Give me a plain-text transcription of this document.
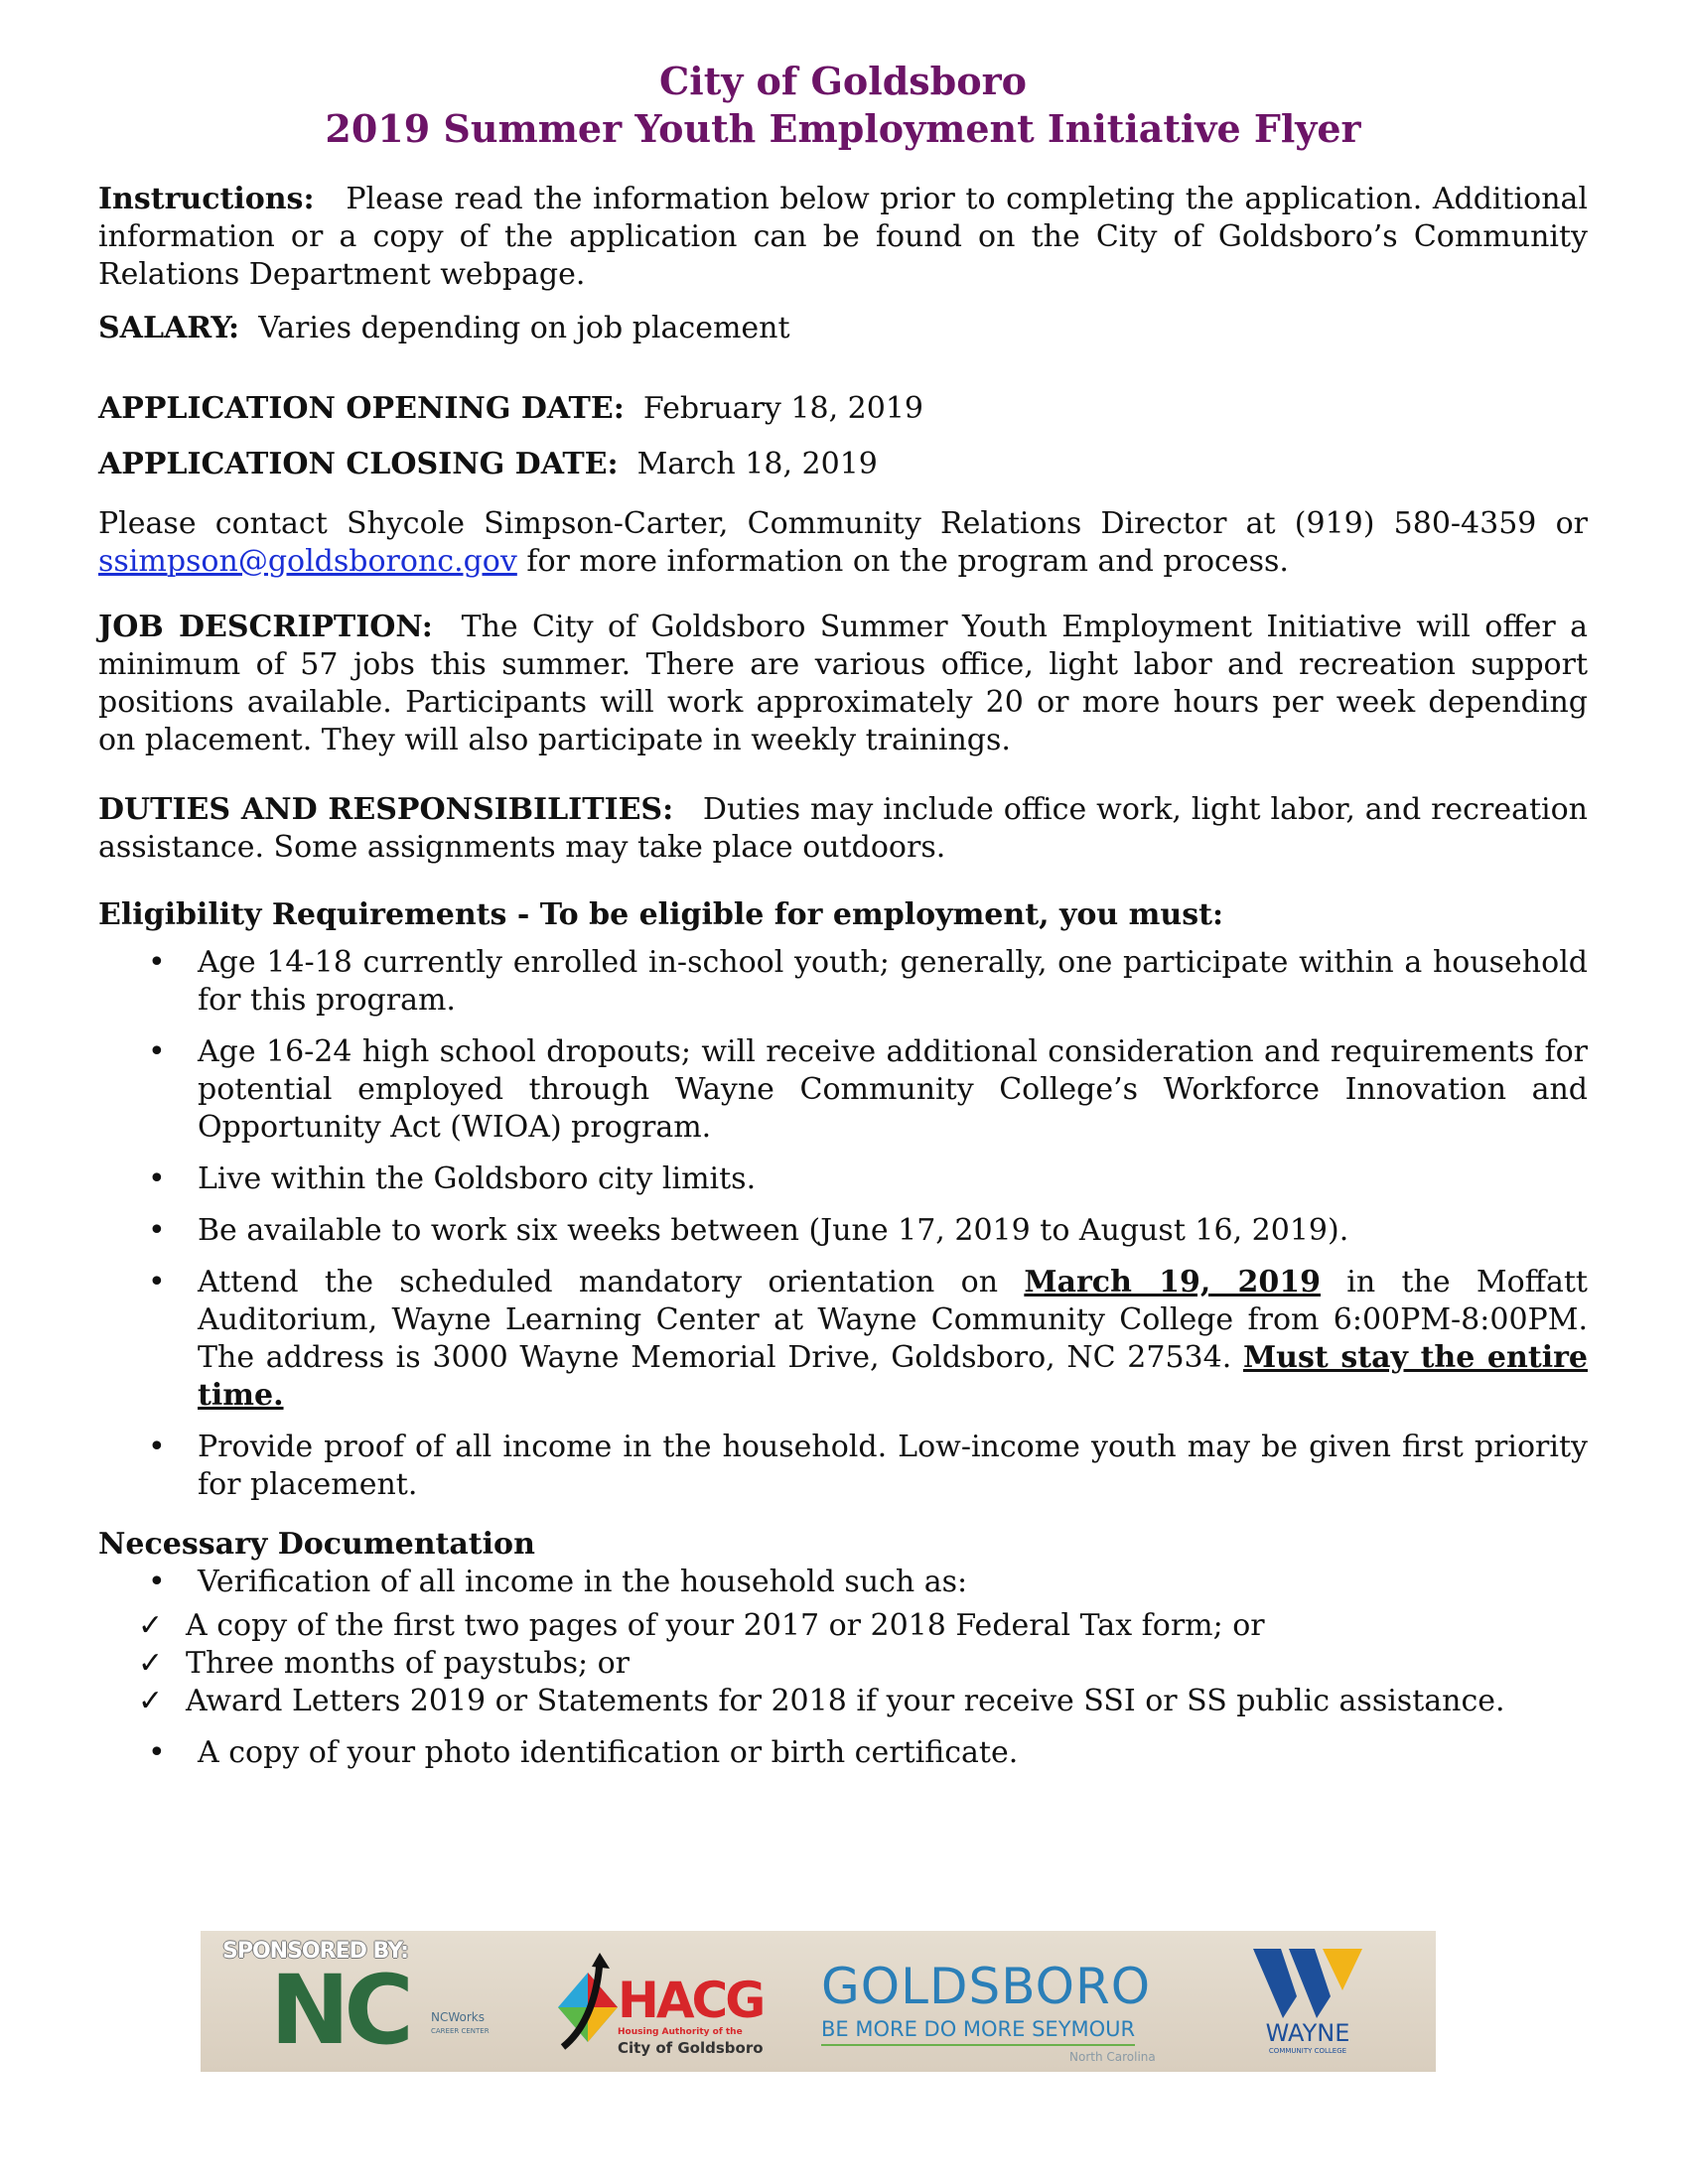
City of Goldsboro
2019 Summer Youth Employment Initiative Flyer

Instructions: Please read the information below prior to completing the application. Additional information or a copy of the application can be found on the City of Goldsboro’s Community Relations Department webpage.

SALARY: Varies depending on job placement

APPLICATION OPENING DATE: February 18, 2019

APPLICATION CLOSING DATE: March 18, 2019

Please contact Shycole Simpson-Carter, Community Relations Director at (919) 580-4359 or ssimpson@goldsboronc.gov for more information on the program and process.

JOB DESCRIPTION: The City of Goldsboro Summer Youth Employment Initiative will offer a minimum of 57 jobs this summer. There are various office, light labor and recreation support positions available. Participants will work approximately 20 or more hours per week depending on placement. They will also participate in weekly trainings.

DUTIES AND RESPONSIBILITIES: Duties may include office work, light labor, and recreation assistance. Some assignments may take place outdoors.

Eligibility Requirements - To be eligible for employment, you must:

• Age 14-18 currently enrolled in-school youth; generally, one participate within a household for this program.
• Age 16-24 high school dropouts; will receive additional consideration and requirements for potential employed through Wayne Community College’s Workforce Innovation and Opportunity Act (WIOA) program.
• Live within the Goldsboro city limits.
• Be available to work six weeks between (June 17, 2019 to August 16, 2019).
• Attend the scheduled mandatory orientation on March 19, 2019 in the Moffatt Auditorium, Wayne Learning Center at Wayne Community College from 6:00PM-8:00PM. The address is 3000 Wayne Memorial Drive, Goldsboro, NC 27534. Must stay the entire time.
• Provide proof of all income in the household. Low-income youth may be given first priority for placement.

Necessary Documentation

• Verification of all income in the household such as:
✓ A copy of the first two pages of your 2017 or 2018 Federal Tax form; or
✓ Three months of paystubs; or
✓ Award Letters 2019 or Statements for 2018 if your receive SSI or SS public assistance.
• A copy of your photo identification or birth certificate.
SPONSORED BY:
NC NCWorks
CAREER CENTER
HACG
Housing Authority of the
City of Goldsboro
GOLDSBORO
BE MORE DO MORE SEYMOUR
North Carolina
WAYNE
COMMUNITY COLLEGE
